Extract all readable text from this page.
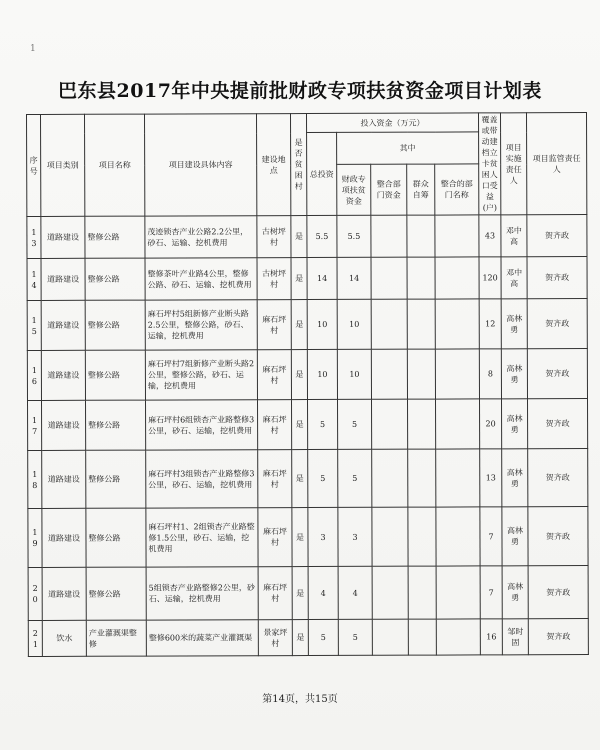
1
巴东县2017年中央提前批财政专项扶贫资金项目计划表
序号	项目类别	项目名称	项目建设具体内容	建设地点	是否贫困村	投入资金（万元）					覆盖或带动建档立卡贫困人口受益(户)	项目实施责任人	项目监管责任人
						总投资	其中						
							财政专项扶贫资金	整合部门资金	群众自筹	整合的部门名称			
13	道路建设	整修公路	茂迹锁杏产业公路2.2公里，砂石、运输、挖机费用	古树坪村	是	5.5	5.5				43	邓中高	贺齐政
14	道路建设	整修公路	整修茶叶产业路4公里，整修公路、砂石、运输、挖机费用	古树坪村	是	14	14				120	邓中高	贺齐政
15	道路建设	整修公路	麻石坪村5组新修产业断头路2.5公里，整修公路，砂石、运输，挖机费用	麻石坪村	是	10	10				12	高林勇	贺齐政
16	道路建设	整修公路	麻石坪村7组新修产业断头路2公里，整修公路，砂石、运输，挖机费用	麻石坪村	是	10	10				8	高林勇	贺齐政
17	道路建设	整修公路	麻石坪村6组锁杏产业路整修3公里，砂石、运输，挖机费用	麻石坪村	是	5	5				20	高林勇	贺齐政
18	道路建设	整修公路	麻石坪村3组锁杏产业路整修3公里，砂石、运输，挖机费用	麻石坪村	是	5	5				13	高林勇	贺齐政
19	道路建设	整修公路	麻石坪村1、2组锁杏产业路整修1.5公里，砂石、运输，挖机费用	麻石坪村	是	3	3				7	高林勇	贺齐政
20	道路建设	整修公路	5组锁杏产业路整修2公里，砂石、运输，挖机费用	麻石坪村	是	4	4				7	高林勇	贺齐政
21	饮水	产业灌溉渠整修	整修600米的蔬菜产业灌溉渠	景家坪村	是	5	5				16	邹时固	贺齐政
第14页，共15页
